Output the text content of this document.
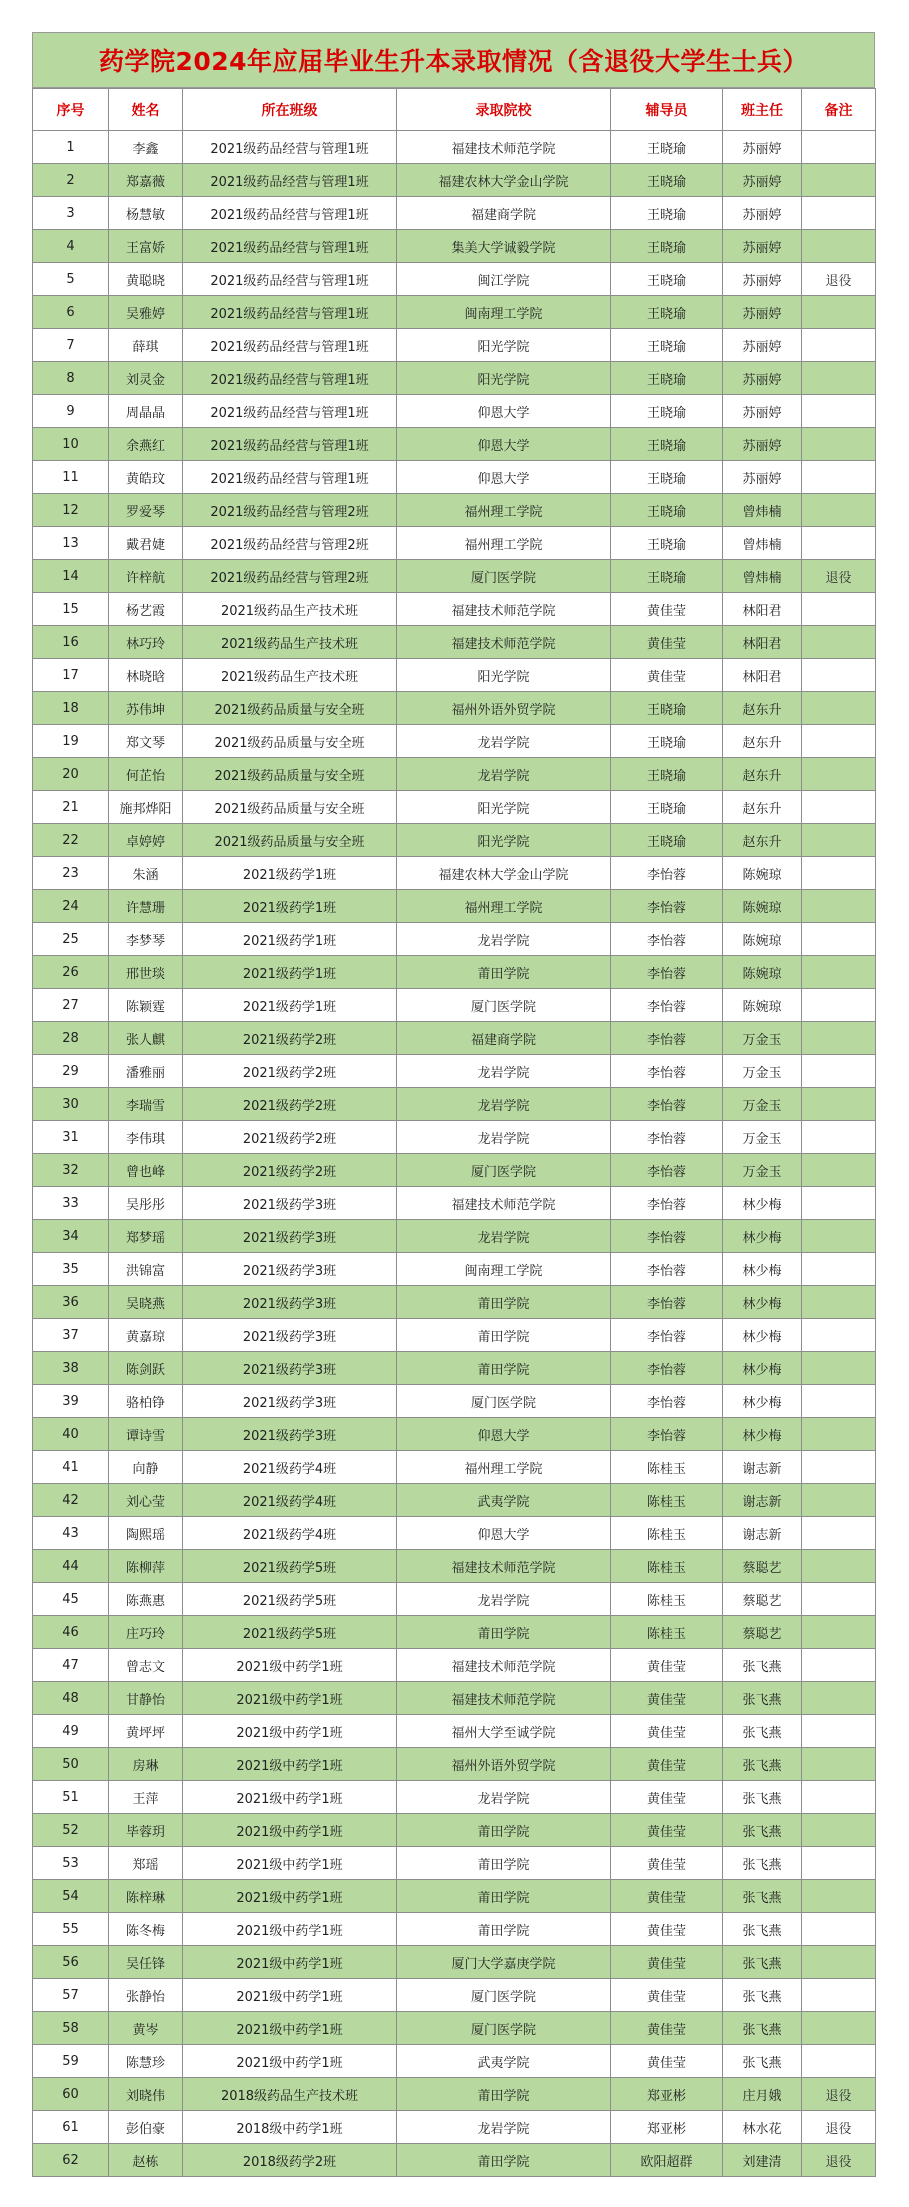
药学院2024年应届毕业生升本录取情况（含退役大学生士兵）
序号	姓名	所在班级	录取院校	辅导员	班主任	备注
1	李鑫	2021级药品经营与管理1班	福建技术师范学院	王晓瑜	苏丽婷	
2	郑嘉薇	2021级药品经营与管理1班	福建农林大学金山学院	王晓瑜	苏丽婷	
3	杨慧敏	2021级药品经营与管理1班	福建商学院	王晓瑜	苏丽婷	
4	王富娇	2021级药品经营与管理1班	集美大学诚毅学院	王晓瑜	苏丽婷	
5	黄聪晓	2021级药品经营与管理1班	闽江学院	王晓瑜	苏丽婷	退役
6	吴雅婷	2021级药品经营与管理1班	闽南理工学院	王晓瑜	苏丽婷	
7	薛琪	2021级药品经营与管理1班	阳光学院	王晓瑜	苏丽婷	
8	刘灵金	2021级药品经营与管理1班	阳光学院	王晓瑜	苏丽婷	
9	周晶晶	2021级药品经营与管理1班	仰恩大学	王晓瑜	苏丽婷	
10	余燕红	2021级药品经营与管理1班	仰恩大学	王晓瑜	苏丽婷	
11	黄皓玟	2021级药品经营与管理1班	仰恩大学	王晓瑜	苏丽婷	
12	罗爱琴	2021级药品经营与管理2班	福州理工学院	王晓瑜	曾炜楠	
13	戴君婕	2021级药品经营与管理2班	福州理工学院	王晓瑜	曾炜楠	
14	许梓航	2021级药品经营与管理2班	厦门医学院	王晓瑜	曾炜楠	退役
15	杨艺霞	2021级药品生产技术班	福建技术师范学院	黄佳莹	林阳君	
16	林巧玲	2021级药品生产技术班	福建技术师范学院	黄佳莹	林阳君	
17	林晓晗	2021级药品生产技术班	阳光学院	黄佳莹	林阳君	
18	苏伟坤	2021级药品质量与安全班	福州外语外贸学院	王晓瑜	赵东升	
19	郑文琴	2021级药品质量与安全班	龙岩学院	王晓瑜	赵东升	
20	何芷怡	2021级药品质量与安全班	龙岩学院	王晓瑜	赵东升	
21	施邦烨阳	2021级药品质量与安全班	阳光学院	王晓瑜	赵东升	
22	卓婷婷	2021级药品质量与安全班	阳光学院	王晓瑜	赵东升	
23	朱涵	2021级药学1班	福建农林大学金山学院	李怡蓉	陈婉琼	
24	许慧珊	2021级药学1班	福州理工学院	李怡蓉	陈婉琼	
25	李梦琴	2021级药学1班	龙岩学院	李怡蓉	陈婉琼	
26	邢世琰	2021级药学1班	莆田学院	李怡蓉	陈婉琼	
27	陈颖霆	2021级药学1班	厦门医学院	李怡蓉	陈婉琼	
28	张人麒	2021级药学2班	福建商学院	李怡蓉	万金玉	
29	潘雅丽	2021级药学2班	龙岩学院	李怡蓉	万金玉	
30	李瑞雪	2021级药学2班	龙岩学院	李怡蓉	万金玉	
31	李伟琪	2021级药学2班	龙岩学院	李怡蓉	万金玉	
32	曾也峰	2021级药学2班	厦门医学院	李怡蓉	万金玉	
33	吴彤彤	2021级药学3班	福建技术师范学院	李怡蓉	林少梅	
34	郑梦瑶	2021级药学3班	龙岩学院	李怡蓉	林少梅	
35	洪锦富	2021级药学3班	闽南理工学院	李怡蓉	林少梅	
36	吴晓燕	2021级药学3班	莆田学院	李怡蓉	林少梅	
37	黄嘉琼	2021级药学3班	莆田学院	李怡蓉	林少梅	
38	陈剑跃	2021级药学3班	莆田学院	李怡蓉	林少梅	
39	骆柏铮	2021级药学3班	厦门医学院	李怡蓉	林少梅	
40	谭诗雪	2021级药学3班	仰恩大学	李怡蓉	林少梅	
41	向静	2021级药学4班	福州理工学院	陈桂玉	谢志新	
42	刘心莹	2021级药学4班	武夷学院	陈桂玉	谢志新	
43	陶熙瑶	2021级药学4班	仰恩大学	陈桂玉	谢志新	
44	陈柳萍	2021级药学5班	福建技术师范学院	陈桂玉	蔡聪艺	
45	陈燕惠	2021级药学5班	龙岩学院	陈桂玉	蔡聪艺	
46	庄巧玲	2021级药学5班	莆田学院	陈桂玉	蔡聪艺	
47	曾志文	2021级中药学1班	福建技术师范学院	黄佳莹	张飞燕	
48	甘静怡	2021级中药学1班	福建技术师范学院	黄佳莹	张飞燕	
49	黄坪坪	2021级中药学1班	福州大学至诚学院	黄佳莹	张飞燕	
50	房琳	2021级中药学1班	福州外语外贸学院	黄佳莹	张飞燕	
51	王萍	2021级中药学1班	龙岩学院	黄佳莹	张飞燕	
52	毕蓉玥	2021级中药学1班	莆田学院	黄佳莹	张飞燕	
53	郑瑶	2021级中药学1班	莆田学院	黄佳莹	张飞燕	
54	陈梓琳	2021级中药学1班	莆田学院	黄佳莹	张飞燕	
55	陈冬梅	2021级中药学1班	莆田学院	黄佳莹	张飞燕	
56	吴任锋	2021级中药学1班	厦门大学嘉庚学院	黄佳莹	张飞燕	
57	张静怡	2021级中药学1班	厦门医学院	黄佳莹	张飞燕	
58	黄岑	2021级中药学1班	厦门医学院	黄佳莹	张飞燕	
59	陈慧珍	2021级中药学1班	武夷学院	黄佳莹	张飞燕	
60	刘晓伟	2018级药品生产技术班	莆田学院	郑亚彬	庄月娥	退役
61	彭伯豪	2018级中药学1班	龙岩学院	郑亚彬	林水花	退役
62	赵栋	2018级药学2班	莆田学院	欧阳超群	刘建清	退役
